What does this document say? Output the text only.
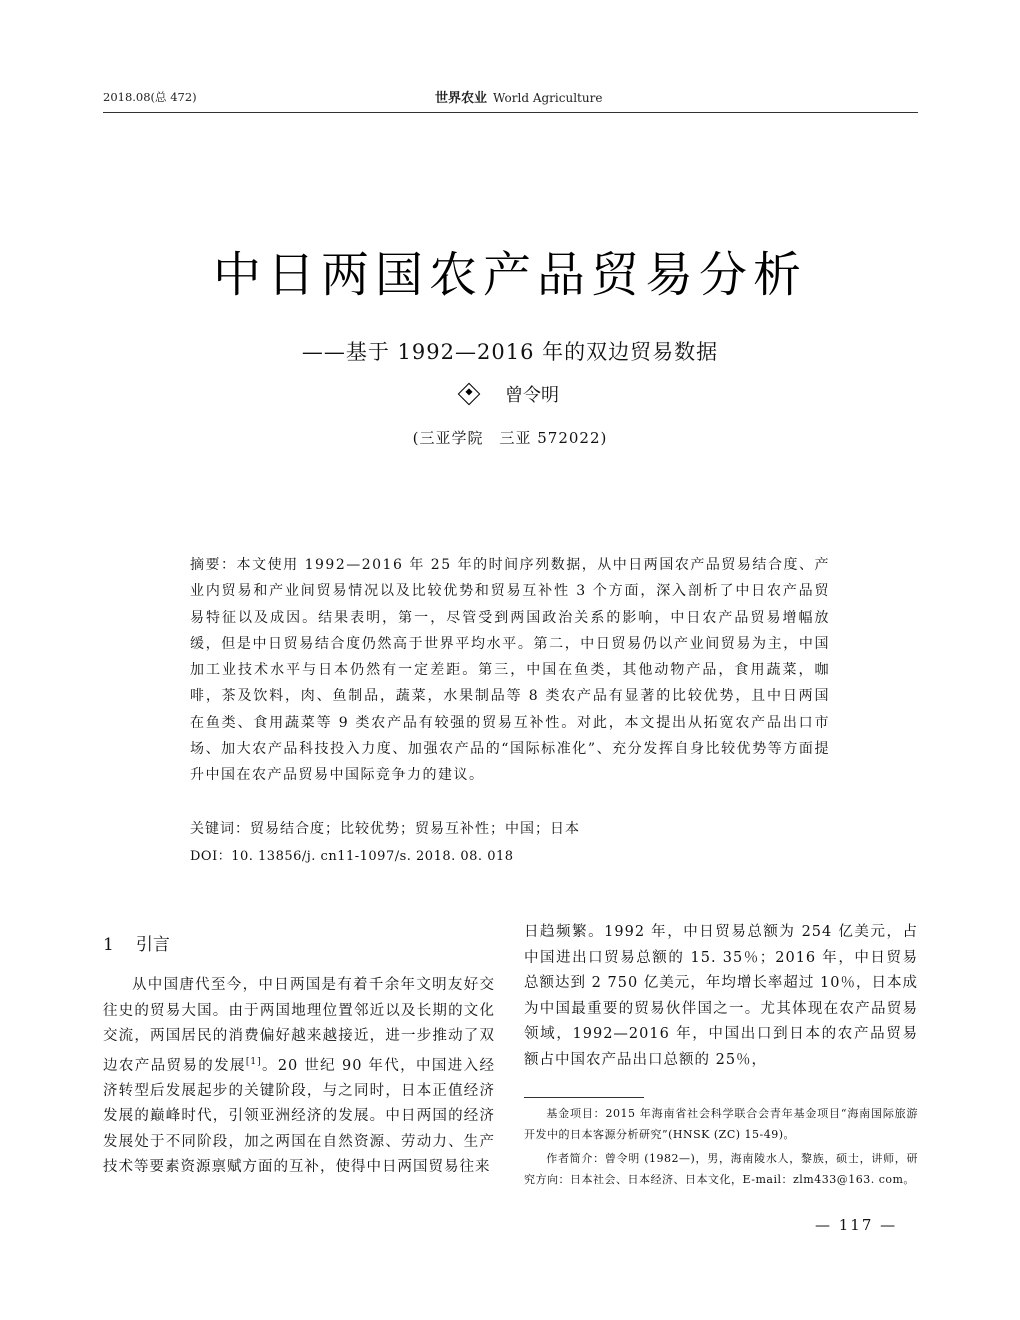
2018.08(总 472)	世界农业 World Agriculture
中日两国农产品贸易分析
——基于 1992—2016 年的双边贸易数据
曾令明
(三亚学院　三亚 572022)
摘要：本文使用 1992—2016 年 25 年的时间序列数据，从中日两国农产品贸易结合度、产业内贸易和产业间贸易情况以及比较优势和贸易互补性 3 个方面，深入剖析了中日农产品贸易特征以及成因。结果表明，第一，尽管受到两国政治关系的影响，中日农产品贸易增幅放缓，但是中日贸易结合度仍然高于世界平均水平。第二，中日贸易仍以产业间贸易为主，中国加工业技术水平与日本仍然有一定差距。第三，中国在鱼类，其他动物产品，食用蔬菜，咖啡，茶及饮料，肉、鱼制品，蔬菜，水果制品等 8 类农产品有显著的比较优势，且中日两国在鱼类、食用蔬菜等 9 类农产品有较强的贸易互补性。对此，本文提出从拓宽农产品出口市场、加大农产品科技投入力度、加强农产品的“国际标准化”、充分发挥自身比较优势等方面提升中国在农产品贸易中国际竞争力的建议。
关键词：贸易结合度；比较优势；贸易互补性；中国；日本
DOI：10. 13856/j. cn11-1097/s. 2018. 08. 018
1 引言

从中国唐代至今，中日两国是有着千余年文明友好交往史的贸易大国。由于两国地理位置邻近以及长期的文化交流，两国居民的消费偏好越来越接近，进一步推动了双边农产品贸易的发展[1]。20 世纪 90 年代，中国进入经济转型后发展起步的关键阶段，与之同时，日本正值经济发展的巅峰时代，引领亚洲经济的发展。中日两国的经济发展处于不同阶段，加之两国在自然资源、劳动力、生产技术等要素资源禀赋方面的互补，使得中日两国贸易往来

日趋频繁。1992 年，中日贸易总额为 254 亿美元，占中国进出口贸易总额的 15. 35％；2016 年，中日贸易总额达到 2 750 亿美元，年均增长率超过 10％，日本成为中国最重要的贸易伙伴国之一。尤其体现在农产品贸易领域，1992—2016 年，中国出口到日本的农产品贸易额占中国农产品出口总额的 25％，

基金项目：2015 年海南省社会科学联合会青年基金项目“海南国际旅游开发中的日本客源分析研究”(HNSK (ZC) 15-49)。
作者简介：曾令明 (1982—)，男，海南陵水人，黎族，硕士，讲师，研究方向：日本社会、日本经济、日本文化，E-mail：zlm433@163. com。
— 117 —
